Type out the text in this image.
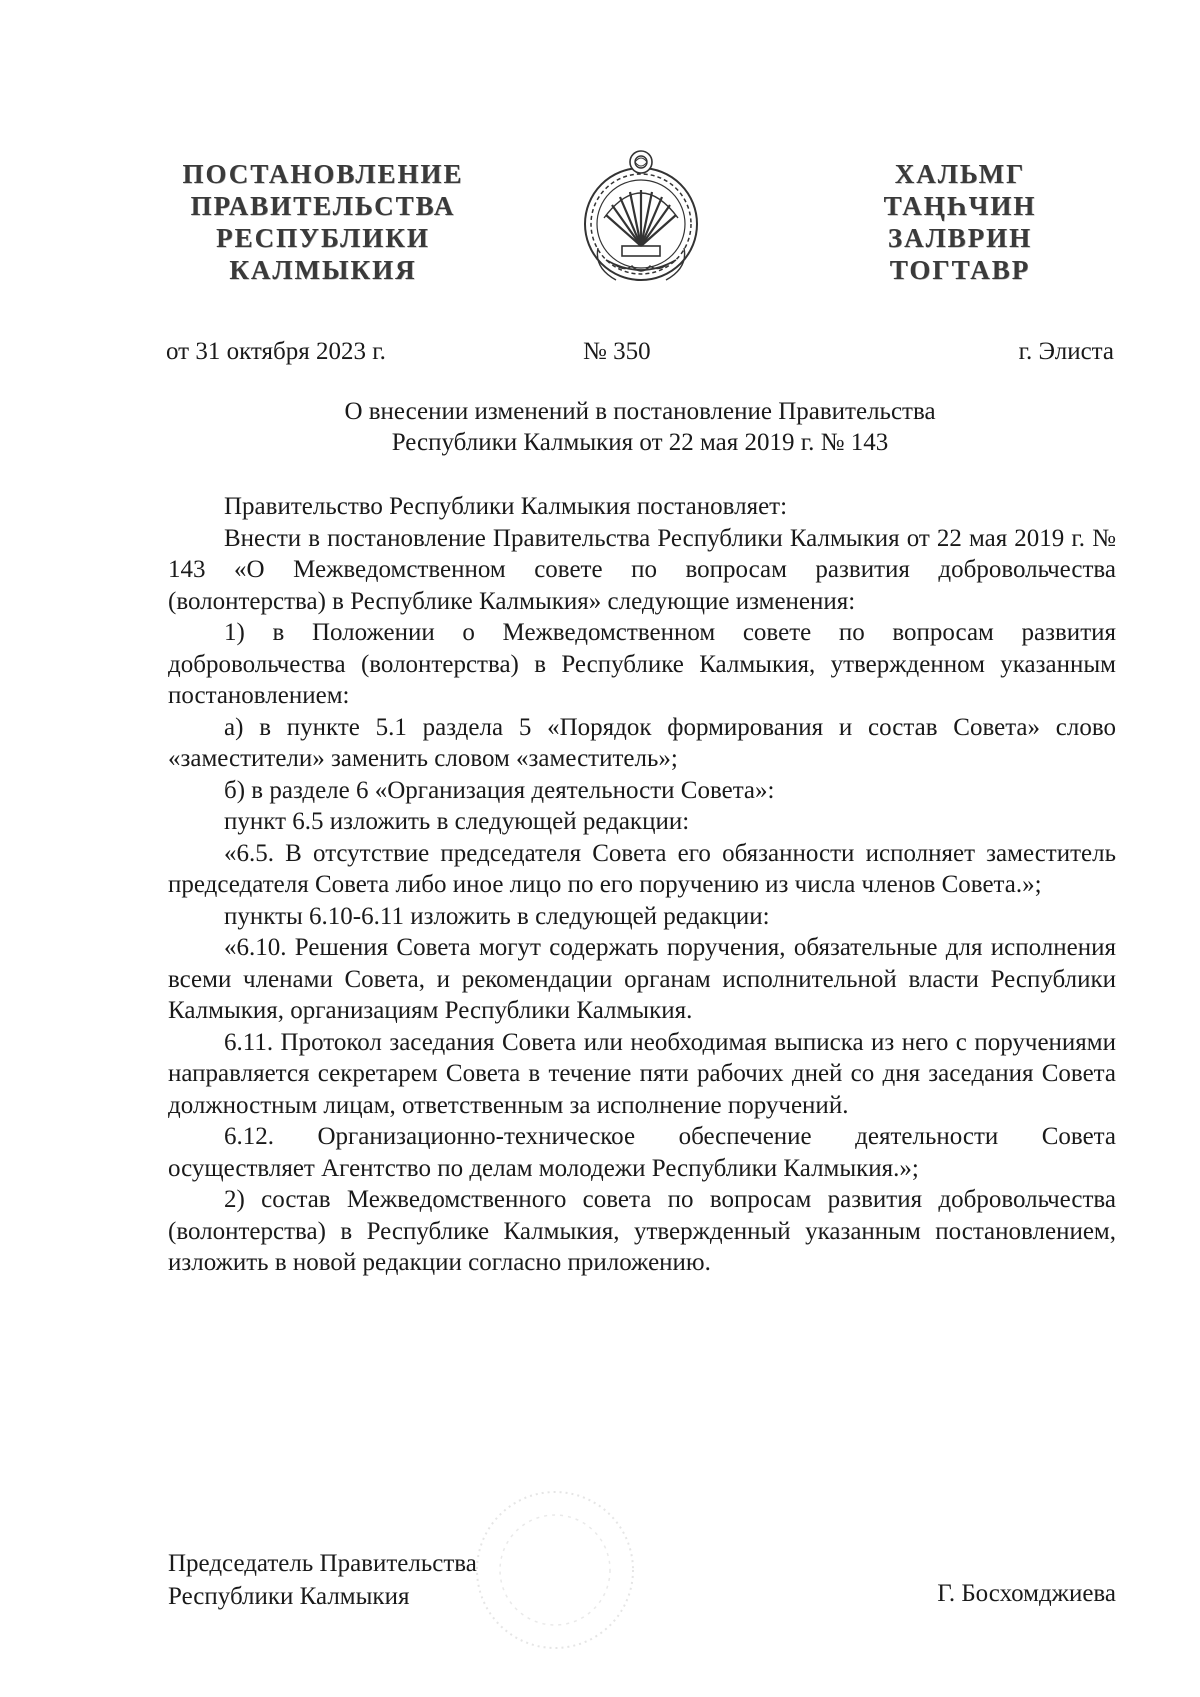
ПОСТАНОВЛЕНИЕ
ПРАВИТЕЛЬСТВА
РЕСПУБЛИКИ
КАЛМЫКИЯ
ХАЛЬМГ
ТАҢҺЧИН
ЗАЛВРИН
ТОГТАВР
от 31 октября 2023 г.	№ 350	г. Элиста
О внесении изменений в постановление Правительства
Республики Калмыкия от 22 мая 2019 г. № 143

Правительство Республики Калмыкия постановляет:

Внести в постановление Правительства Республики Калмыкия от 22 мая 2019 г. № 143 «О Межведомственном совете по вопросам развития добровольчества (волонтерства) в Республике Калмыкия» следующие изменения:

1) в Положении о Межведомственном совете по вопросам развития добровольчества (волонтерства) в Республике Калмыкия, утвержденном указанным постановлением:

а) в пункте 5.1 раздела 5 «Порядок формирования и состав Совета» слово «заместители» заменить словом «заместитель»;

б) в разделе 6 «Организация деятельности Совета»:

пункт 6.5 изложить в следующей редакции:

«6.5. В отсутствие председателя Совета его обязанности исполняет заместитель председателя Совета либо иное лицо по его поручению из числа членов Совета.»;

пункты 6.10-6.11 изложить в следующей редакции:

«6.10. Решения Совета могут содержать поручения, обязательные для исполнения всеми членами Совета, и рекомендации органам исполнительной власти Республики Калмыкия, организациям Республики Калмыкия.

6.11. Протокол заседания Совета или необходимая выписка из него с поручениями направляется секретарем Совета в течение пяти рабочих дней со дня заседания Совета должностным лицам, ответственным за исполнение поручений.

6.12. Организационно-техническое обеспечение деятельности Совета осуществляет Агентство по делам молодежи Республики Калмыкия.»;

2) состав Межведомственного совета по вопросам развития добровольчества (волонтерства) в Республике Калмыкия, утвержденный указанным постановлением, изложить в новой редакции согласно приложению.

Председатель Правительства
Республики Калмыкия	Г. Босхомджиева
